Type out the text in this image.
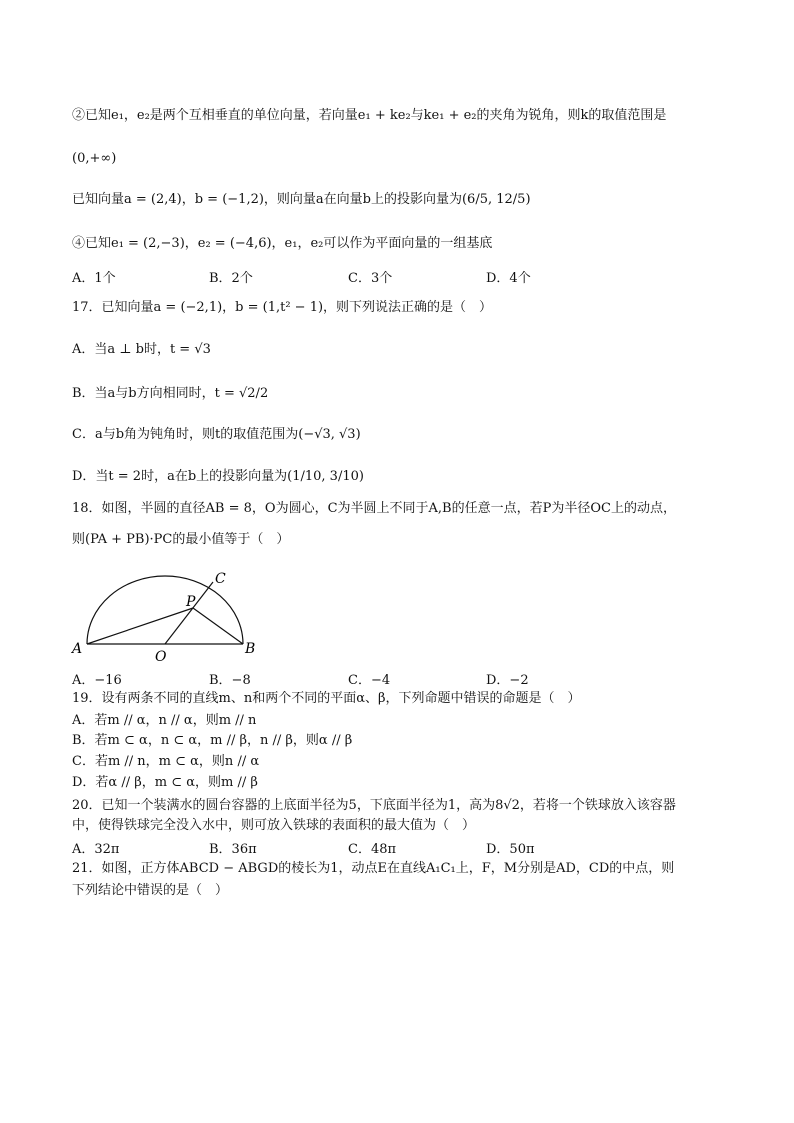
②已知e₁，e₂是两个互相垂直的单位向量，若向量e₁ + ke₂与ke₁ + e₂的夹角为锐角，则k的取值范围是
(0,+∞)
已知向量a = (2,4)，b = (−1,2)，则向量a在向量b上的投影向量为(6/5, 12/5)
④已知e₁ = (2,−3)，e₂ = (−4,6)，e₁，e₂可以作为平面向量的一组基底
A．1个	B．2个	C．3个	D．4个
17．已知向量a = (−2,1)，b = (1,t² − 1)，则下列说法正确的是（　）
A．当a ⊥ b时，t = √3
B．当a与b方向相同时，t = √2/2
C．a与b角为钝角时，则t的取值范围为(−√3, √3)
D．当t = 2时，a在b上的投影向量为(1/10, 3/10)
18．如图，半圆的直径AB = 8，O为圆心，C为半圆上不同于A,B的任意一点，若P为半径OC上的动点，
则(PA + PB)·PC的最小值等于（　）
A	B
O
C
P
A．−16	B．−8	C．−4	D．−2
19．设有两条不同的直线m、n和两个不同的平面α、β，下列命题中错误的命题是（　）
A．若m // α，n // α，则m // n
B．若m ⊂ α，n ⊂ α，m // β，n // β，则α // β
C．若m // n，m ⊂ α，则n // α
D．若α // β，m ⊂ α，则m // β
20．已知一个装满水的圆台容器的上底面半径为5，下底面半径为1，高为8√2，若将一个铁球放入该容器
中，使得铁球完全没入水中，则可放入铁球的表面积的最大值为（　）
A．32π	B．36π	C．48π	D．50π
21．如图，正方体ABCD − ABGD的棱长为1，动点E在直线A₁C₁上，F，M分别是AD，CD的中点，则
下列结论中错误的是（　）
